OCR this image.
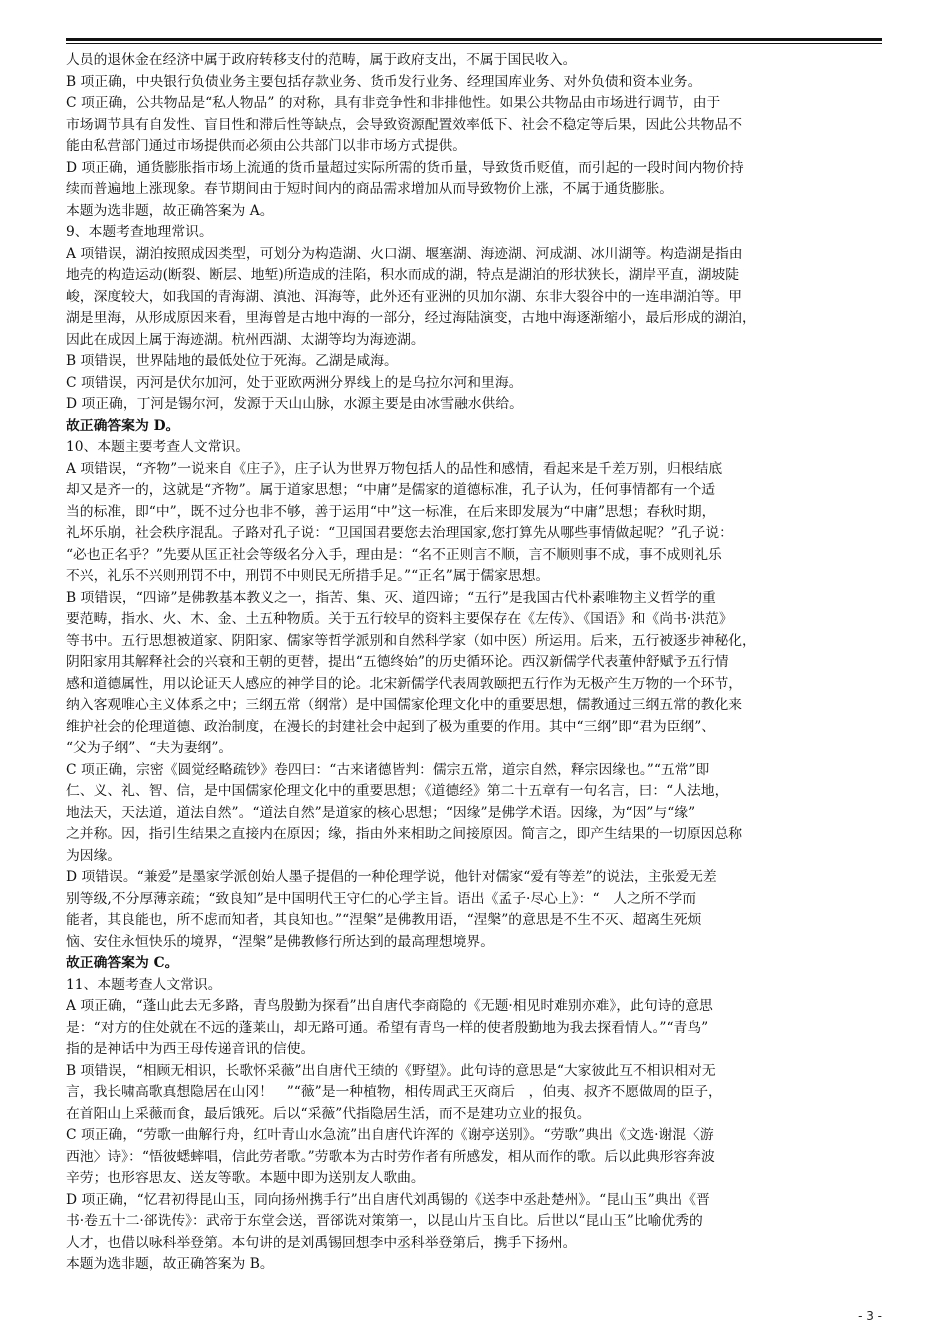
人员的退休金在经济中属于政府转移支付的范畴，属于政府支出，不属于国民收入。
B 项正确，中央银行负债业务主要包括存款业务、货币发行业务、经理国库业务、对外负债和资本业务。
C 项正确，公共物品是“私人物品” 的对称，具有非竞争性和非排他性。如果公共物品由市场进行调节，由于
市场调节具有自发性、盲目性和滞后性等缺点，会导致资源配置效率低下、社会不稳定等后果，因此公共物品不
能由私营部门通过市场提供而必须由公共部门以非市场方式提供。
D 项正确，通货膨胀指市场上流通的货币量超过实际所需的货币量，导致货币贬值，而引起的一段时间内物价持
续而普遍地上涨现象。春节期间由于短时间内的商品需求增加从而导致物价上涨，不属于通货膨胀。
本题为选非题，故正确答案为 A。
9、本题考查地理常识。
A 项错误，湖泊按照成因类型，可划分为构造湖、火口湖、堰塞湖、海迹湖、河成湖、冰川湖等。构造湖是指由
地壳的构造运动(断裂、断层、地堑)所造成的洼陷，积水而成的湖，特点是湖泊的形状狭长，湖岸平直，湖坡陡
峻，深度较大，如我国的青海湖、滇池、洱海等，此外还有亚洲的贝加尔湖、东非大裂谷中的一连串湖泊等。甲
湖是里海，从形成原因来看，里海曾是古地中海的一部分，经过海陆演变，古地中海逐渐缩小，最后形成的湖泊，
因此在成因上属于海迹湖。杭州西湖、太湖等均为海迹湖。
B 项错误，世界陆地的最低处位于死海。乙湖是咸海。
C 项错误，丙河是伏尔加河，处于亚欧两洲分界线上的是乌拉尔河和里海。
D 项正确，丁河是锡尔河，发源于天山山脉，水源主要是由冰雪融水供给。
故正确答案为 D。
10、本题主要考查人文常识。
A 项错误，“齐物”一说来自《庄子》，庄子认为世界万物包括人的品性和感情，看起来是千差万别，归根结底
却又是齐一的，这就是“齐物”。属于道家思想；“中庸”是儒家的道德标准，孔子认为，任何事情都有一个适
当的标准，即“中”，既不过分也非不够，善于运用“中”这一标准，在后来即发展为“中庸”思想；春秋时期，
礼坏乐崩，社会秩序混乱。子路对孔子说：“卫国国君要您去治理国家,您打算先从哪些事情做起呢？”孔子说：
“必也正名乎？”先要从匡正社会等级名分入手，理由是：“名不正则言不顺，言不顺则事不成，事不成则礼乐
不兴，礼乐不兴则刑罚不中，刑罚不中则民无所措手足。”“正名”属于儒家思想。
B 项错误，“四谛”是佛教基本教义之一，指苦、集、灭、道四谛；“五行”是我国古代朴素唯物主义哲学的重
要范畴，指水、火、木、金、土五种物质。关于五行较早的资料主要保存在《左传》、《国语》和《尚书·洪范》
等书中。五行思想被道家、阴阳家、儒家等哲学派别和自然科学家（如中医）所运用。后来，五行被逐步神秘化，
阴阳家用其解释社会的兴衰和王朝的更替，提出“五德终始”的历史循环论。西汉新儒学代表董仲舒赋予五行情
感和道德属性，用以论证天人感应的神学目的论。北宋新儒学代表周敦颐把五行作为无极产生万物的一个环节，
纳入客观唯心主义体系之中；三纲五常（纲常）是中国儒家伦理文化中的重要思想，儒教通过三纲五常的教化来
维护社会的伦理道德、政治制度，在漫长的封建社会中起到了极为重要的作用。其中“三纲”即“君为臣纲”、
“父为子纲”、“夫为妻纲”。
C 项正确，宗密《圆觉经略疏钞》卷四曰：“古来诸德皆判：儒宗五常，道宗自然，释宗因缘也。”“五常”即
仁、义、礼、智、信，是中国儒家伦理文化中的重要思想；《道德经》第二十五章有一句名言，曰：“人法地，
地法天，天法道，道法自然”。“道法自然”是道家的核心思想；“因缘”是佛学术语。因缘，为“因”与“缘”
之并称。因，指引生结果之直接内在原因；缘，指由外来相助之间接原因。简言之，即产生结果的一切原因总称
为因缘。
D 项错误。“兼爱”是墨家学派创始人墨子提倡的一种伦理学说，他针对儒家“爱有等差”的说法，主张爱无差
别等级,不分厚薄亲疏；“致良知”是中国明代王守仁的心学主旨。语出《孟子·尽心上》：“　人之所不学而
能者，其良能也，所不虑而知者，其良知也。”“涅槃”是佛教用语，“涅槃”的意思是不生不灭、超离生死烦
恼、安住永恒快乐的境界，“涅槃”是佛教修行所达到的最高理想境界。
故正确答案为 C。
11、本题考查人文常识。
A 项正确，“蓬山此去无多路，青鸟殷勤为探看”出自唐代李商隐的《无题·相见时难别亦难》，此句诗的意思
是：“对方的住处就在不远的蓬莱山，却无路可通。希望有青鸟一样的使者殷勤地为我去探看情人。”“青鸟”
指的是神话中为西王母传递音讯的信使。
B 项错误，“相顾无相识，长歌怀采薇”出自唐代王绩的《野望》。此句诗的意思是“大家彼此互不相识相对无
言，我长啸高歌真想隐居在山冈！　”“薇”是一种植物，相传周武王灭商后　，伯夷、叔齐不愿做周的臣子，
在首阳山上采薇而食，最后饿死。后以“采薇”代指隐居生活，而不是建功立业的报负。
C 项正确，“劳歌一曲解行舟，红叶青山水急流”出自唐代许浑的《谢亭送别》。“劳歌”典出《文选·谢混〈游
西池〉诗》：“悟彼蟋蟀唱，信此劳者歌。”劳歌本为古时劳作者有所感发，相从而作的歌。后以此典形容奔波
辛劳；也形容思友、送友等歌。本题中即为送别友人歌曲。
D 项正确，“忆君初得昆山玉，同向扬州携手行”出自唐代刘禹锡的《送李中丞赴楚州》。“昆山玉”典出《晋
书·卷五十二·郤诜传》：武帝于东堂会送，晋郤诜对策第一，以昆山片玉自比。后世以“昆山玉”比喻优秀的
人才，也借以咏科举登第。本句讲的是刘禹锡回想李中丞科举登第后，携手下扬州。
本题为选非题，故正确答案为 B。
- 3 -
